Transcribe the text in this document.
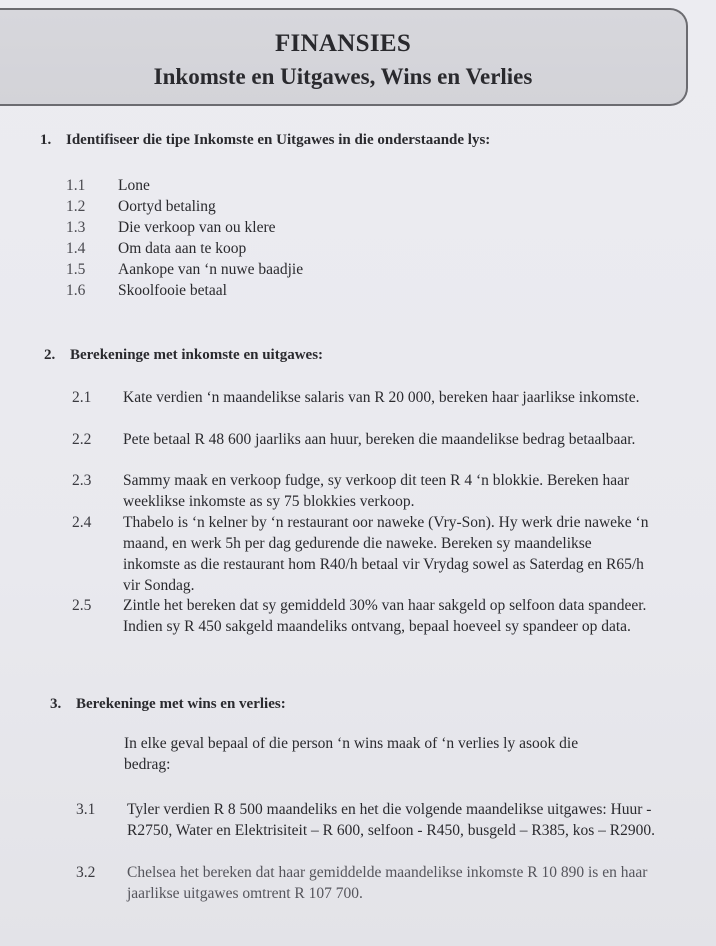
FINANSIES
Inkomste en Uitgawes, Wins en Verlies
1. Identifiseer die tipe Inkomste en Uitgawes in die onderstaande lys:
1.1 Lone
1.2 Oortyd betaling
1.3 Die verkoop van ou klere
1.4 Om data aan te koop
1.5 Aankope van ‘n nuwe baadjie
1.6 Skoolfooie betaal
2. Berekeninge met inkomste en uitgawes:
2.1 Kate verdien ‘n maandelikse salaris van R 20 000, bereken haar jaarlikse inkomste.
2.2 Pete betaal R 48 600 jaarliks aan huur, bereken die maandelikse bedrag betaalbaar.
2.3 Sammy maak en verkoop fudge, sy verkoop dit teen R 4 ‘n blokkie. Bereken haar weeklikse inkomste as sy 75 blokkies verkoop.
2.4 Thabelo is ‘n kelner by ‘n restaurant oor naweke (Vry-Son). Hy werk drie naweke ‘n maand, en werk 5h per dag gedurende die naweke. Bereken sy maandelikse inkomste as die restaurant hom R40/h betaal vir Vrydag sowel as Saterdag en R65/h vir Sondag.
2.5 Zintle het bereken dat sy gemiddeld 30% van haar sakgeld op selfoon data spandeer. Indien sy R 450 sakgeld maandeliks ontvang, bepaal hoeveel sy spandeer op data.
3. Berekeninge met wins en verlies:
In elke geval bepaal of die person ‘n wins maak of ‘n verlies ly asook die bedrag:
3.1 Tyler verdien R 8 500 maandeliks en het die volgende maandelikse uitgawes: Huur - R2750, Water en Elektrisiteit – R 600, selfoon - R450, busgeld – R385, kos – R2900.
3.2 Chelsea het bereken dat haar gemiddelde maandelikse inkomste R 10 890 is en haar jaarlikse uitgawes omtrent R 107 700.
